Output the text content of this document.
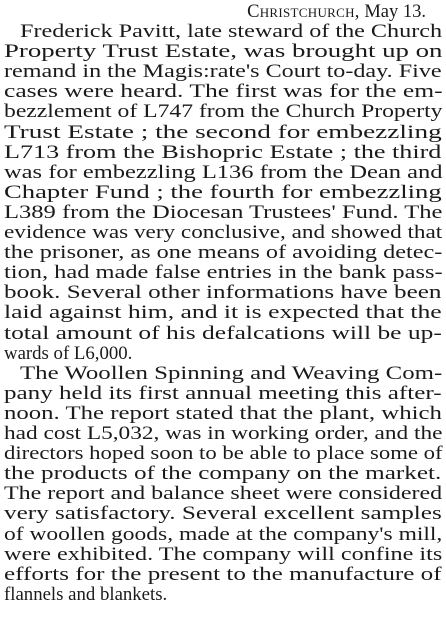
Christchurch, May 13.
Frederick Pavitt, late steward of the Church
Property Trust Estate, was brought up on
remand in the Magis:rate's Court to-day. Five
cases were heard. The first was for the em-
bezzlement of L747 from the Church Property
Trust Estate ; the second for embezzling
L713 from the Bishopric Estate ; the third
was for embezzling L136 from the Dean and
Chapter Fund ; the fourth for embezzling
L389 from the Diocesan Trustees' Fund. The
evidence was very conclusive, and showed that
the prisoner, as one means of avoiding detec-
tion, had made false entries in the bank pass-
book. Several other informations have been
laid against him, and it is expected that the
total amount of his defalcations will be up-
wards of L6,000.
The Woollen Spinning and Weaving Com-
pany held its first annual meeting this after-
noon. The report stated that the plant, which
had cost L5,032, was in working order, and the
directors hoped soon to be able to place some of
the products of the company on the market.
The report and balance sheet were considered
very satisfactory. Several excellent samples
of woollen goods, made at the company's mill,
were exhibited. The company will confine its
efforts for the present to the manufacture of
flannels and blankets.
